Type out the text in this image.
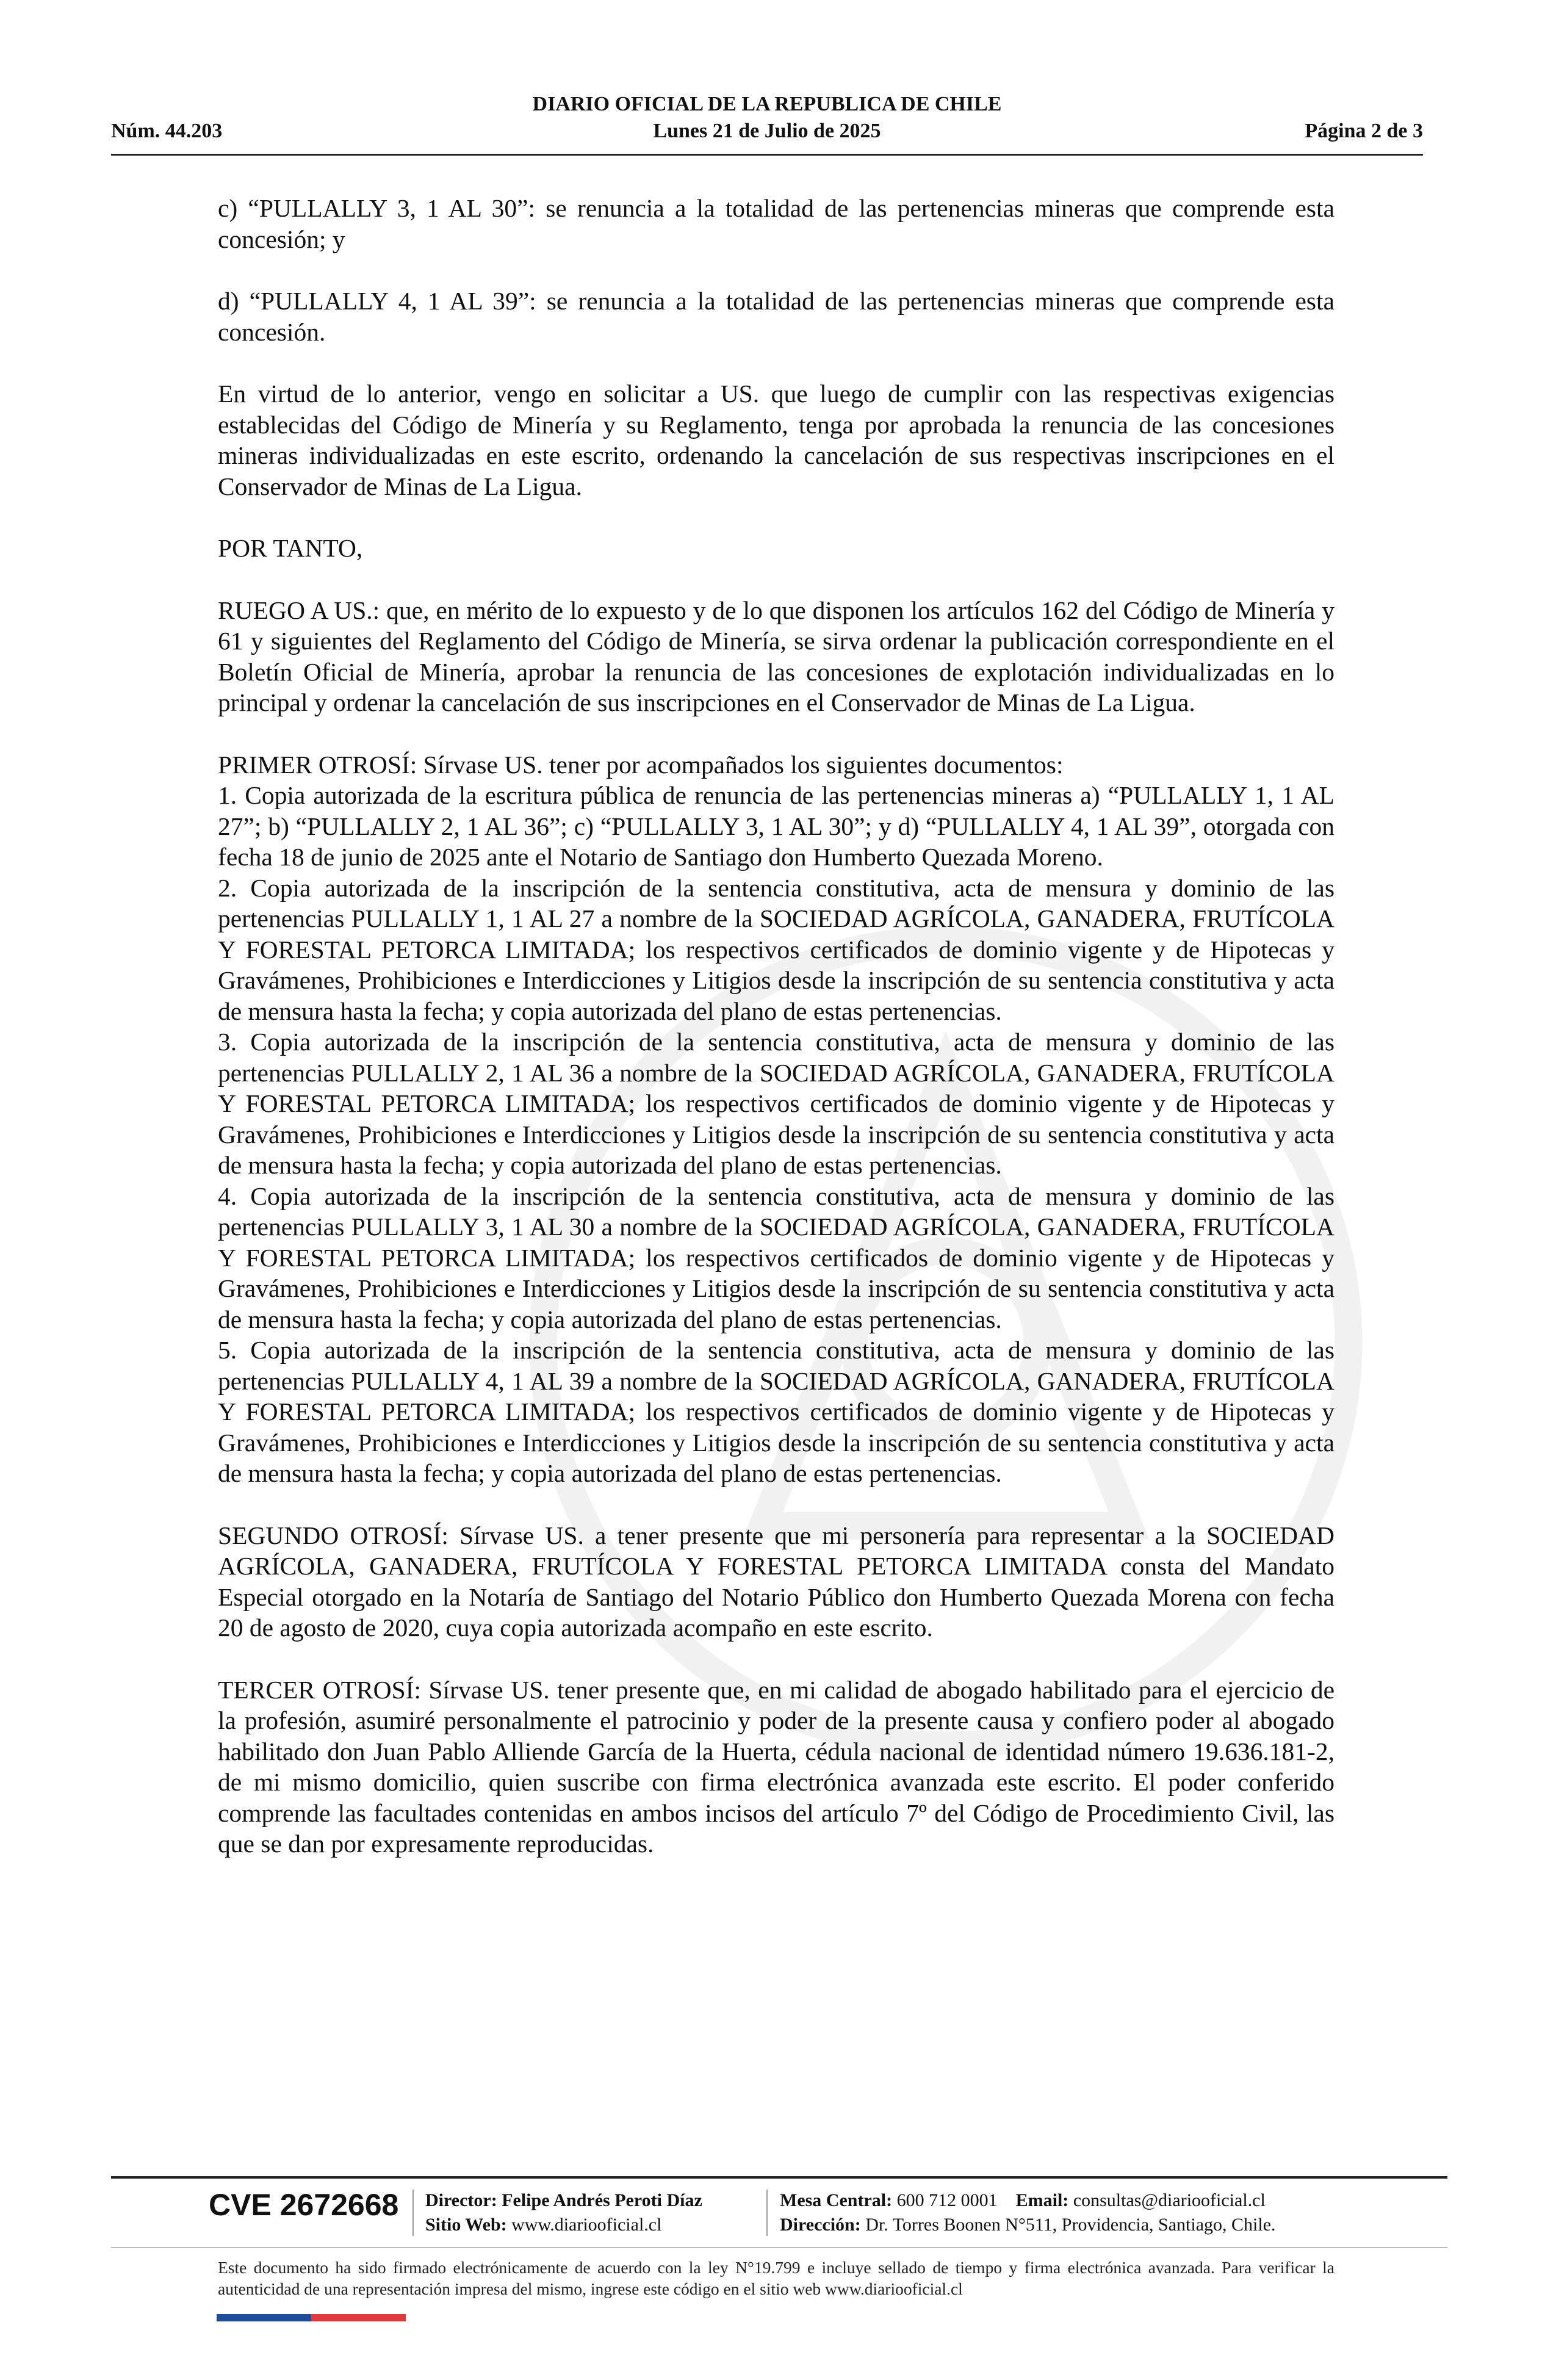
DIARIO OFICIAL DE LA REPUBLICA DE CHILE
Núm. 44.203	Lunes 21 de Julio de 2025	Página 2 de 3

c) “PULLALLY 3, 1 AL 30”: se renuncia a la totalidad de las pertenencias mineras que comprende esta concesión; y

d) “PULLALLY 4, 1 AL 39”: se renuncia a la totalidad de las pertenencias mineras que comprende esta concesión.

En virtud de lo anterior, vengo en solicitar a US. que luego de cumplir con las respectivas exigencias establecidas del Código de Minería y su Reglamento, tenga por aprobada la renuncia de las concesiones mineras individualizadas en este escrito, ordenando la cancelación de sus respectivas inscripciones en el Conservador de Minas de La Ligua.

POR TANTO,

RUEGO A US.: que, en mérito de lo expuesto y de lo que disponen los artículos 162 del Código de Minería y 61 y siguientes del Reglamento del Código de Minería, se sirva ordenar la publicación correspondiente en el Boletín Oficial de Minería, aprobar la renuncia de las concesiones de explotación individualizadas en lo principal y ordenar la cancelación de sus inscripciones en el Conservador de Minas de La Ligua.

PRIMER OTROSÍ: Sírvase US. tener por acompañados los siguientes documentos:

1. Copia autorizada de la escritura pública de renuncia de las pertenencias mineras a) “PULLALLY 1, 1 AL 27”; b) “PULLALLY 2, 1 AL 36”; c) “PULLALLY 3, 1 AL 30”; y d) “PULLALLY 4, 1 AL 39”, otorgada con fecha 18 de junio de 2025 ante el Notario de Santiago don Humberto Quezada Moreno.

2. Copia autorizada de la inscripción de la sentencia constitutiva, acta de mensura y dominio de las pertenencias PULLALLY 1, 1 AL 27 a nombre de la SOCIEDAD AGRÍCOLA, GANADERA, FRUTÍCOLA Y FORESTAL PETORCA LIMITADA; los respectivos certificados de dominio vigente y de Hipotecas y Gravámenes, Prohibiciones e Interdicciones y Litigios desde la inscripción de su sentencia constitutiva y acta de mensura hasta la fecha; y copia autorizada del plano de estas pertenencias.

3. Copia autorizada de la inscripción de la sentencia constitutiva, acta de mensura y dominio de las pertenencias PULLALLY 2, 1 AL 36 a nombre de la SOCIEDAD AGRÍCOLA, GANADERA, FRUTÍCOLA Y FORESTAL PETORCA LIMITADA; los respectivos certificados de dominio vigente y de Hipotecas y Gravámenes, Prohibiciones e Interdicciones y Litigios desde la inscripción de su sentencia constitutiva y acta de mensura hasta la fecha; y copia autorizada del plano de estas pertenencias.

4. Copia autorizada de la inscripción de la sentencia constitutiva, acta de mensura y dominio de las pertenencias PULLALLY 3, 1 AL 30 a nombre de la SOCIEDAD AGRÍCOLA, GANADERA, FRUTÍCOLA Y FORESTAL PETORCA LIMITADA; los respectivos certificados de dominio vigente y de Hipotecas y Gravámenes, Prohibiciones e Interdicciones y Litigios desde la inscripción de su sentencia constitutiva y acta de mensura hasta la fecha; y copia autorizada del plano de estas pertenencias.

5. Copia autorizada de la inscripción de la sentencia constitutiva, acta de mensura y dominio de las pertenencias PULLALLY 4, 1 AL 39 a nombre de la SOCIEDAD AGRÍCOLA, GANADERA, FRUTÍCOLA Y FORESTAL PETORCA LIMITADA; los respectivos certificados de dominio vigente y de Hipotecas y Gravámenes, Prohibiciones e Interdicciones y Litigios desde la inscripción de su sentencia constitutiva y acta de mensura hasta la fecha; y copia autorizada del plano de estas pertenencias.

SEGUNDO OTROSÍ: Sírvase US. a tener presente que mi personería para representar a la SOCIEDAD AGRÍCOLA, GANADERA, FRUTÍCOLA Y FORESTAL PETORCA LIMITADA consta del Mandato Especial otorgado en la Notaría de Santiago del Notario Público don Humberto Quezada Morena con fecha 20 de agosto de 2020, cuya copia autorizada acompaño en este escrito.

TERCER OTROSÍ: Sírvase US. tener presente que, en mi calidad de abogado habilitado para el ejercicio de la profesión, asumiré personalmente el patrocinio y poder de la presente causa y confiero poder al abogado habilitado don Juan Pablo Alliende García de la Huerta, cédula nacional de identidad número 19.636.181-2, de mi mismo domicilio, quien suscribe con firma electrónica avanzada este escrito. El poder conferido comprende las facultades contenidas en ambos incisos del artículo 7º del Código de Procedimiento Civil, las que se dan por expresamente reproducidas.

CVE 2672668 Director: Felipe Andrés Peroti Díaz
Sitio Web: www.diariooficial.cl
Mesa Central: 600 712 0001 Email: consultas@diariooficial.cl
Dirección: Dr. Torres Boonen N°511, Providencia, Santiago, Chile.
Este documento ha sido firmado electrónicamente de acuerdo con la ley N°19.799 e incluye sellado de tiempo y firma electrónica avanzada. Para verificar la autenticidad de una representación impresa del mismo, ingrese este código en el sitio web www.diariooficial.cl
